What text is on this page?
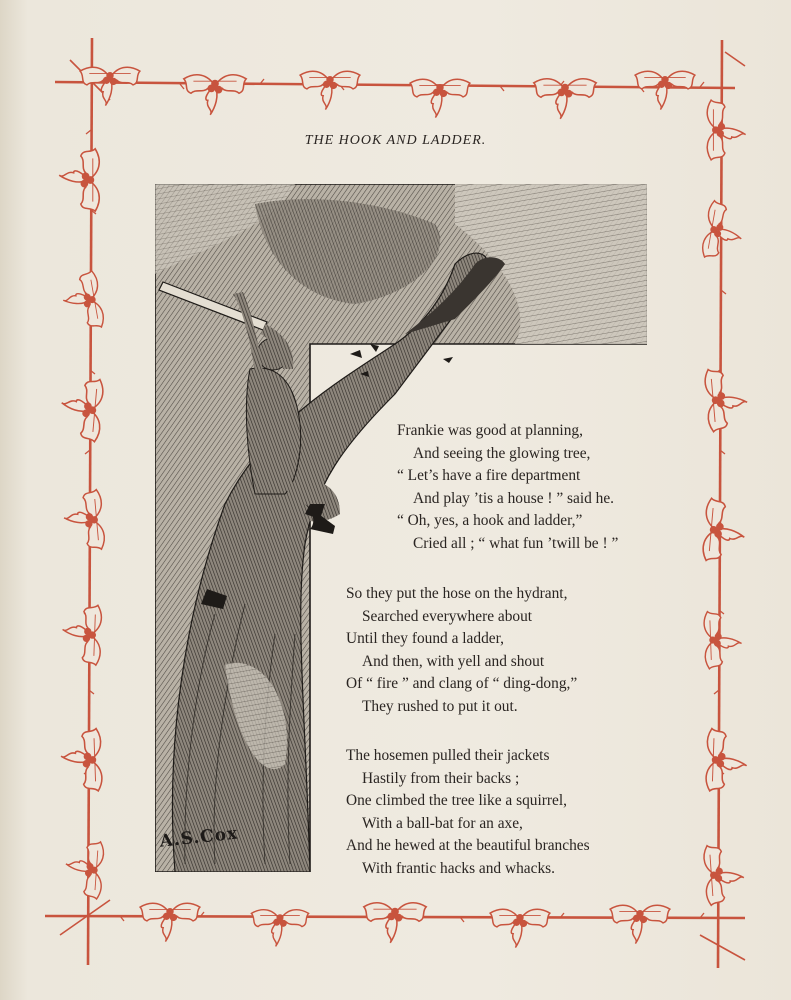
THE HOOK AND LADDER.
A.S.Cox
Frankie was good at planning,
And seeing the glowing tree,
“ Let’s have a fire department
And play ’tis a house ! ” said he.
“ Oh, yes, a hook and ladder,”
Cried all ; “ what fun ’twill be ! ”
So they put the hose on the hydrant,
Searched everywhere about
Until they found a ladder,
And then, with yell and shout
Of “ fire ” and clang of “ ding-dong,”
They rushed to put it out.
The hosemen pulled their jackets
Hastily from their backs ;
One climbed the tree like a squirrel,
With a ball-bat for an axe,
And he hewed at the beautiful branches
With frantic hacks and whacks.
